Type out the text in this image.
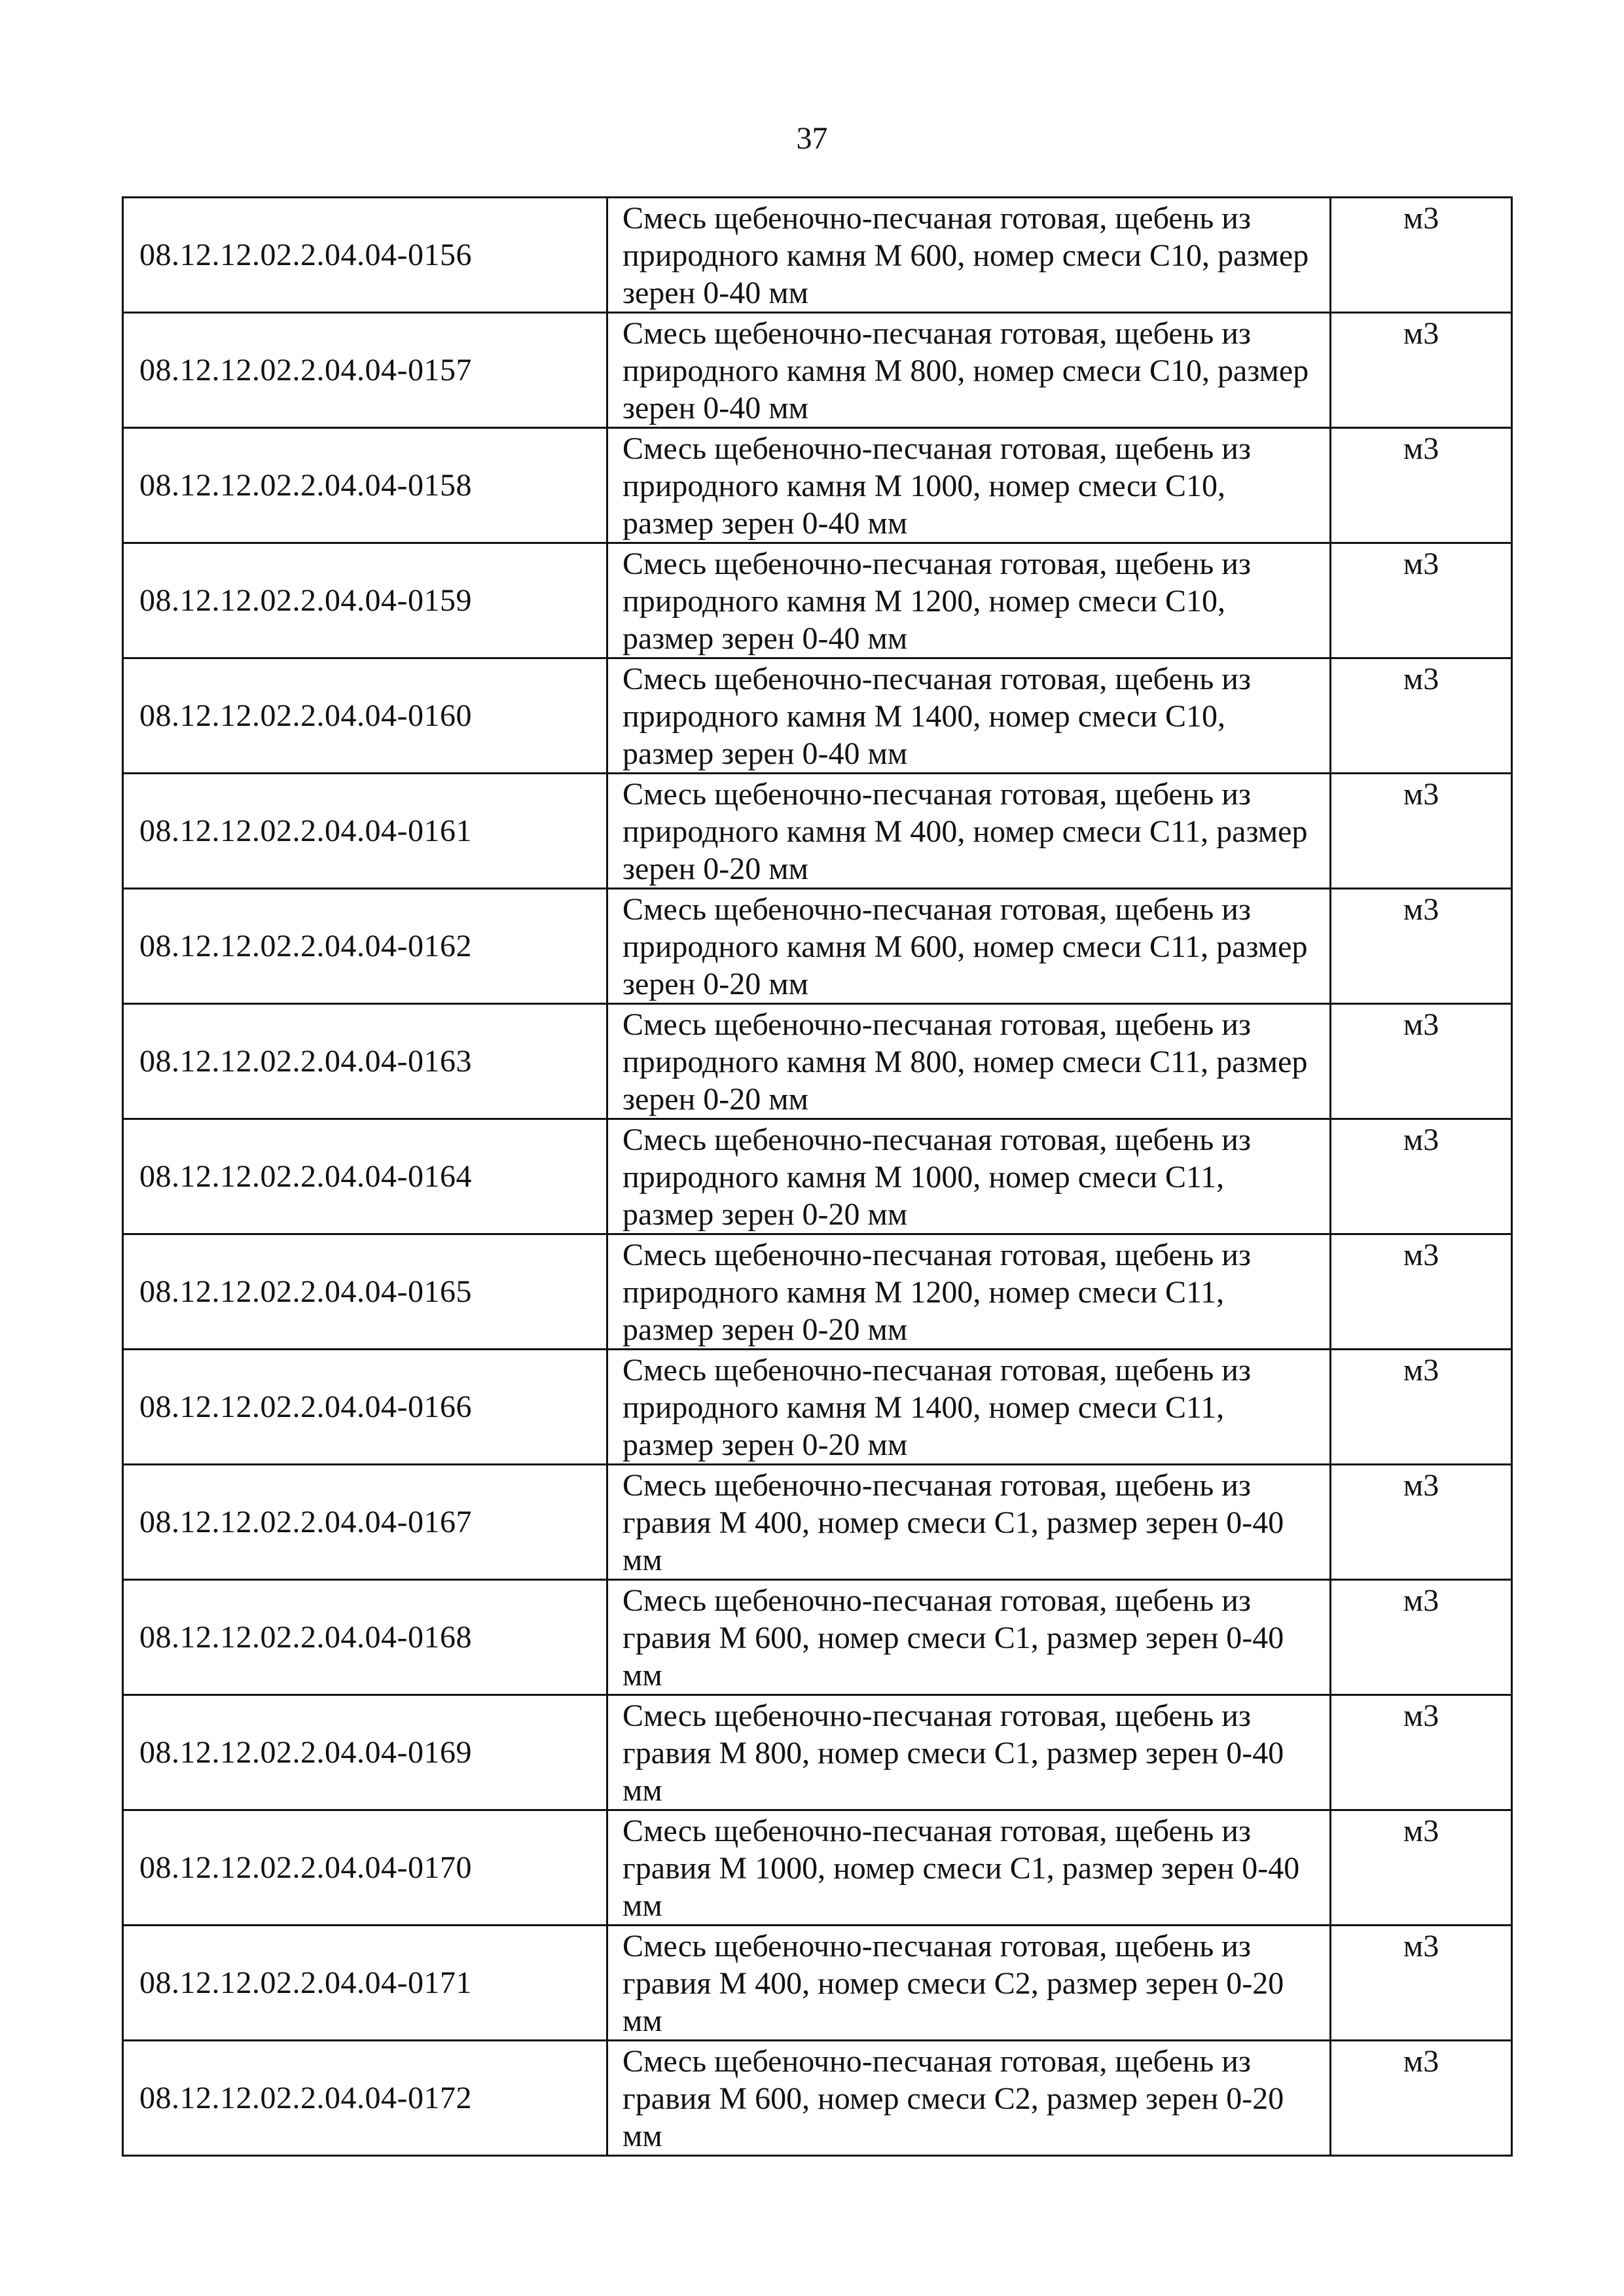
37
08.12.12.02.2.04.04-0156	Смесь щебеночно-песчаная готовая, щебень из природного камня М 600, номер смеси С10, размер зерен 0-40 мм	м3
08.12.12.02.2.04.04-0157	Смесь щебеночно-песчаная готовая, щебень из природного камня М 800, номер смеси С10, размер зерен 0-40 мм	м3
08.12.12.02.2.04.04-0158	Смесь щебеночно-песчаная готовая, щебень из природного камня М 1000, номер смеси С10, размер зерен 0-40 мм	м3
08.12.12.02.2.04.04-0159	Смесь щебеночно-песчаная готовая, щебень из природного камня М 1200, номер смеси С10, размер зерен 0-40 мм	м3
08.12.12.02.2.04.04-0160	Смесь щебеночно-песчаная готовая, щебень из природного камня М 1400, номер смеси С10, размер зерен 0-40 мм	м3
08.12.12.02.2.04.04-0161	Смесь щебеночно-песчаная готовая, щебень из природного камня М 400, номер смеси С11, размер зерен 0-20 мм	м3
08.12.12.02.2.04.04-0162	Смесь щебеночно-песчаная готовая, щебень из природного камня М 600, номер смеси С11, размер зерен 0-20 мм	м3
08.12.12.02.2.04.04-0163	Смесь щебеночно-песчаная готовая, щебень из природного камня М 800, номер смеси С11, размер зерен 0-20 мм	м3
08.12.12.02.2.04.04-0164	Смесь щебеночно-песчаная готовая, щебень из природного камня М 1000, номер смеси С11, размер зерен 0-20 мм	м3
08.12.12.02.2.04.04-0165	Смесь щебеночно-песчаная готовая, щебень из природного камня М 1200, номер смеси С11, размер зерен 0-20 мм	м3
08.12.12.02.2.04.04-0166	Смесь щебеночно-песчаная готовая, щебень из природного камня М 1400, номер смеси С11, размер зерен 0-20 мм	м3
08.12.12.02.2.04.04-0167	Смесь щебеночно-песчаная готовая, щебень из гравия М 400, номер смеси С1, размер зерен 0-40 мм	м3
08.12.12.02.2.04.04-0168	Смесь щебеночно-песчаная готовая, щебень из гравия М 600, номер смеси С1, размер зерен 0-40 мм	м3
08.12.12.02.2.04.04-0169	Смесь щебеночно-песчаная готовая, щебень из гравия М 800, номер смеси С1, размер зерен 0-40 мм	м3
08.12.12.02.2.04.04-0170	Смесь щебеночно-песчаная готовая, щебень из гравия М 1000, номер смеси С1, размер зерен 0-40 мм	м3
08.12.12.02.2.04.04-0171	Смесь щебеночно-песчаная готовая, щебень из гравия М 400, номер смеси С2, размер зерен 0-20 мм	м3
08.12.12.02.2.04.04-0172	Смесь щебеночно-песчаная готовая, щебень из гравия М 600, номер смеси С2, размер зерен 0-20 мм	м3
